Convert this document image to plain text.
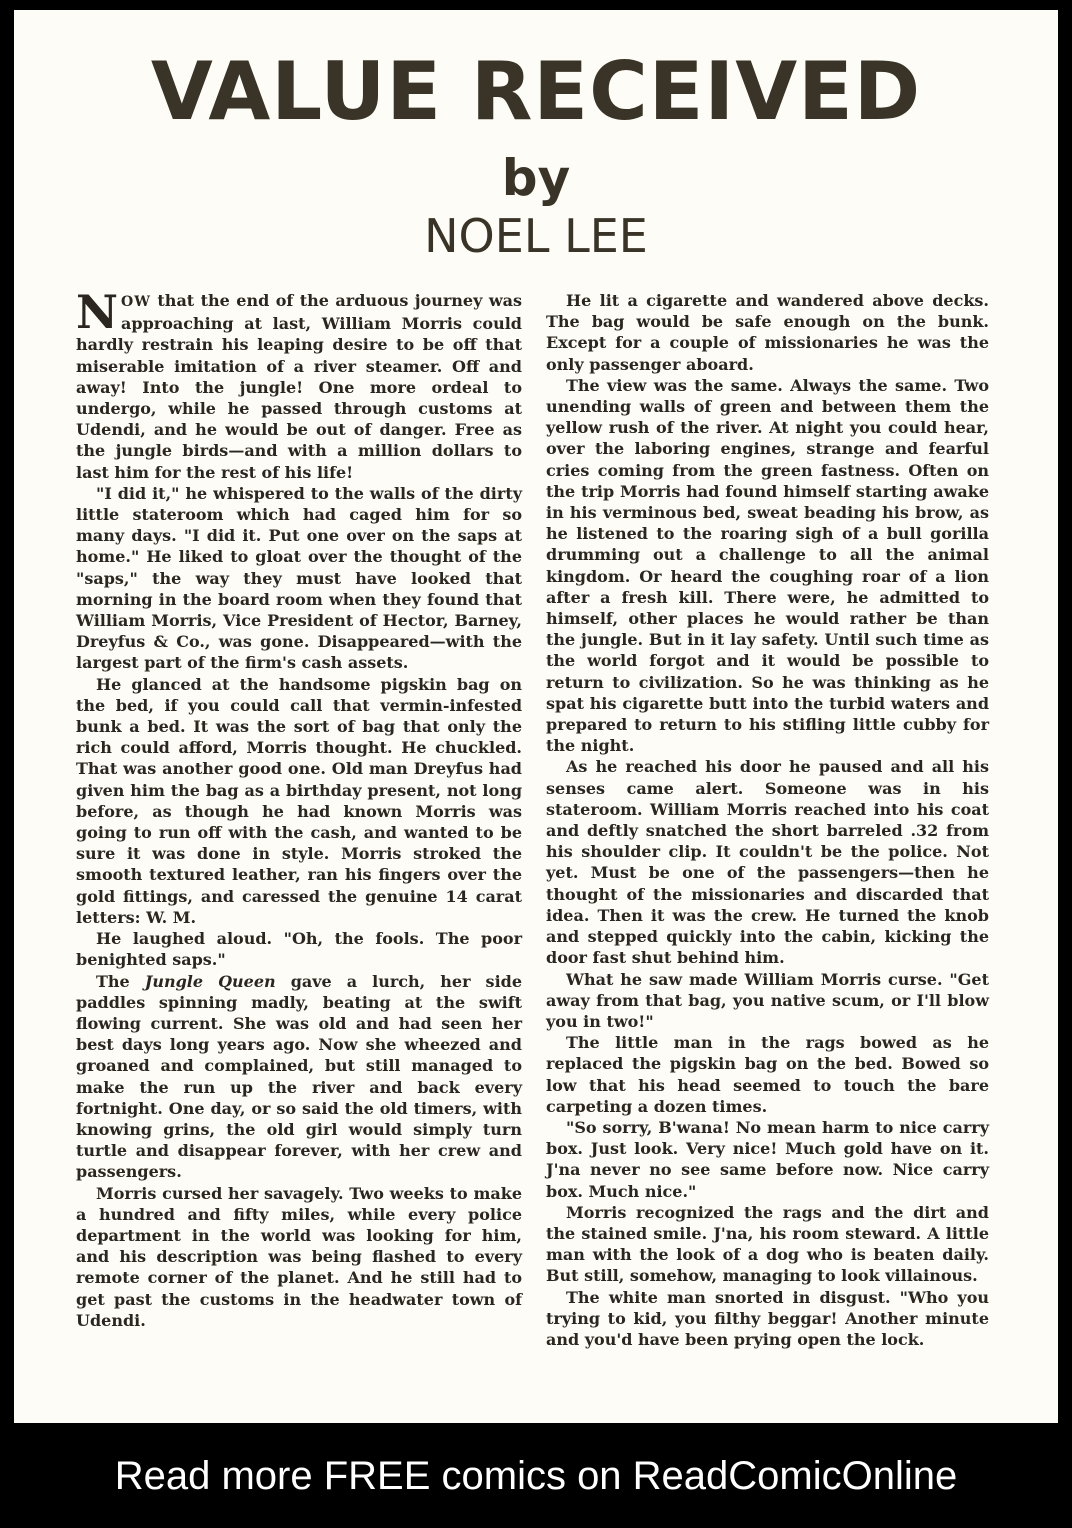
VALUE RECEIVED
by
NOEL LEE

NOW that the end of the arduous journey was approaching at last, William Morris could hardly restrain his leaping desire to be off that miserable imitation of a river steamer. Off and away! Into the jungle! One more ordeal to undergo, while he passed through customs at Udendi, and he would be out of danger. Free as the jungle birds—and with a million dollars to last him for the rest of his life!

"I did it," he whispered to the walls of the dirty little stateroom which had caged him for so many days. "I did it. Put one over on the saps at home." He liked to gloat over the thought of the "saps," the way they must have looked that morning in the board room when they found that William Morris, Vice President of Hector, Barney, Dreyfus & Co., was gone. Disappeared—with the largest part of the firm's cash assets.

He glanced at the handsome pigskin bag on the bed, if you could call that vermin-infested bunk a bed. It was the sort of bag that only the rich could afford, Morris thought. He chuckled. That was another good one. Old man Dreyfus had given him the bag as a birthday present, not long before, as though he had known Morris was going to run off with the cash, and wanted to be sure it was done in style. Morris stroked the smooth textured leather, ran his fingers over the gold fittings, and caressed the genuine 14 carat letters: W. M.

He laughed aloud. "Oh, the fools. The poor benighted saps."

The Jungle Queen gave a lurch, her side paddles spinning madly, beating at the swift flowing current. She was old and had seen her best days long years ago. Now she wheezed and groaned and complained, but still managed to make the run up the river and back every fortnight. One day, or so said the old timers, with knowing grins, the old girl would simply turn turtle and disappear forever, with her crew and passengers.

Morris cursed her savagely. Two weeks to make a hundred and fifty miles, while every police department in the world was looking for him, and his description was being flashed to every remote corner of the planet. And he still had to get past the customs in the headwater town of Udendi.

He lit a cigarette and wandered above decks. The bag would be safe enough on the bunk. Except for a couple of missionaries he was the only passenger aboard.

The view was the same. Always the same. Two unending walls of green and between them the yellow rush of the river. At night you could hear, over the laboring engines, strange and fearful cries coming from the green fastness. Often on the trip Morris had found himself starting awake in his verminous bed, sweat beading his brow, as he listened to the roaring sigh of a bull gorilla drumming out a challenge to all the animal kingdom. Or heard the coughing roar of a lion after a fresh kill. There were, he admitted to himself, other places he would rather be than the jungle. But in it lay safety. Until such time as the world forgot and it would be possible to return to civilization. So he was thinking as he spat his cigarette butt into the turbid waters and prepared to return to his stifling little cubby for the night.

As he reached his door he paused and all his senses came alert. Someone was in his stateroom. William Morris reached into his coat and deftly snatched the short barreled .32 from his shoulder clip. It couldn't be the police. Not yet. Must be one of the passengers—then he thought of the missionaries and discarded that idea. Then it was the crew. He turned the knob and stepped quickly into the cabin, kicking the door fast shut behind him.

What he saw made William Morris curse. "Get away from that bag, you native scum, or I'll blow you in two!"

The little man in the rags bowed as he replaced the pigskin bag on the bed. Bowed so low that his head seemed to touch the bare carpeting a dozen times.

"So sorry, B'wana! No mean harm to nice carry box. Just look. Very nice! Much gold have on it. J'na never no see same before now. Nice carry box. Much nice."

Morris recognized the rags and the dirt and the stained smile. J'na, his room steward. A little man with the look of a dog who is beaten daily. But still, somehow, managing to look villainous.

The white man snorted in disgust. "Who you trying to kid, you filthy beggar! Another minute and you'd have been prying open the lock.

Read more FREE comics on ReadComicOnline
